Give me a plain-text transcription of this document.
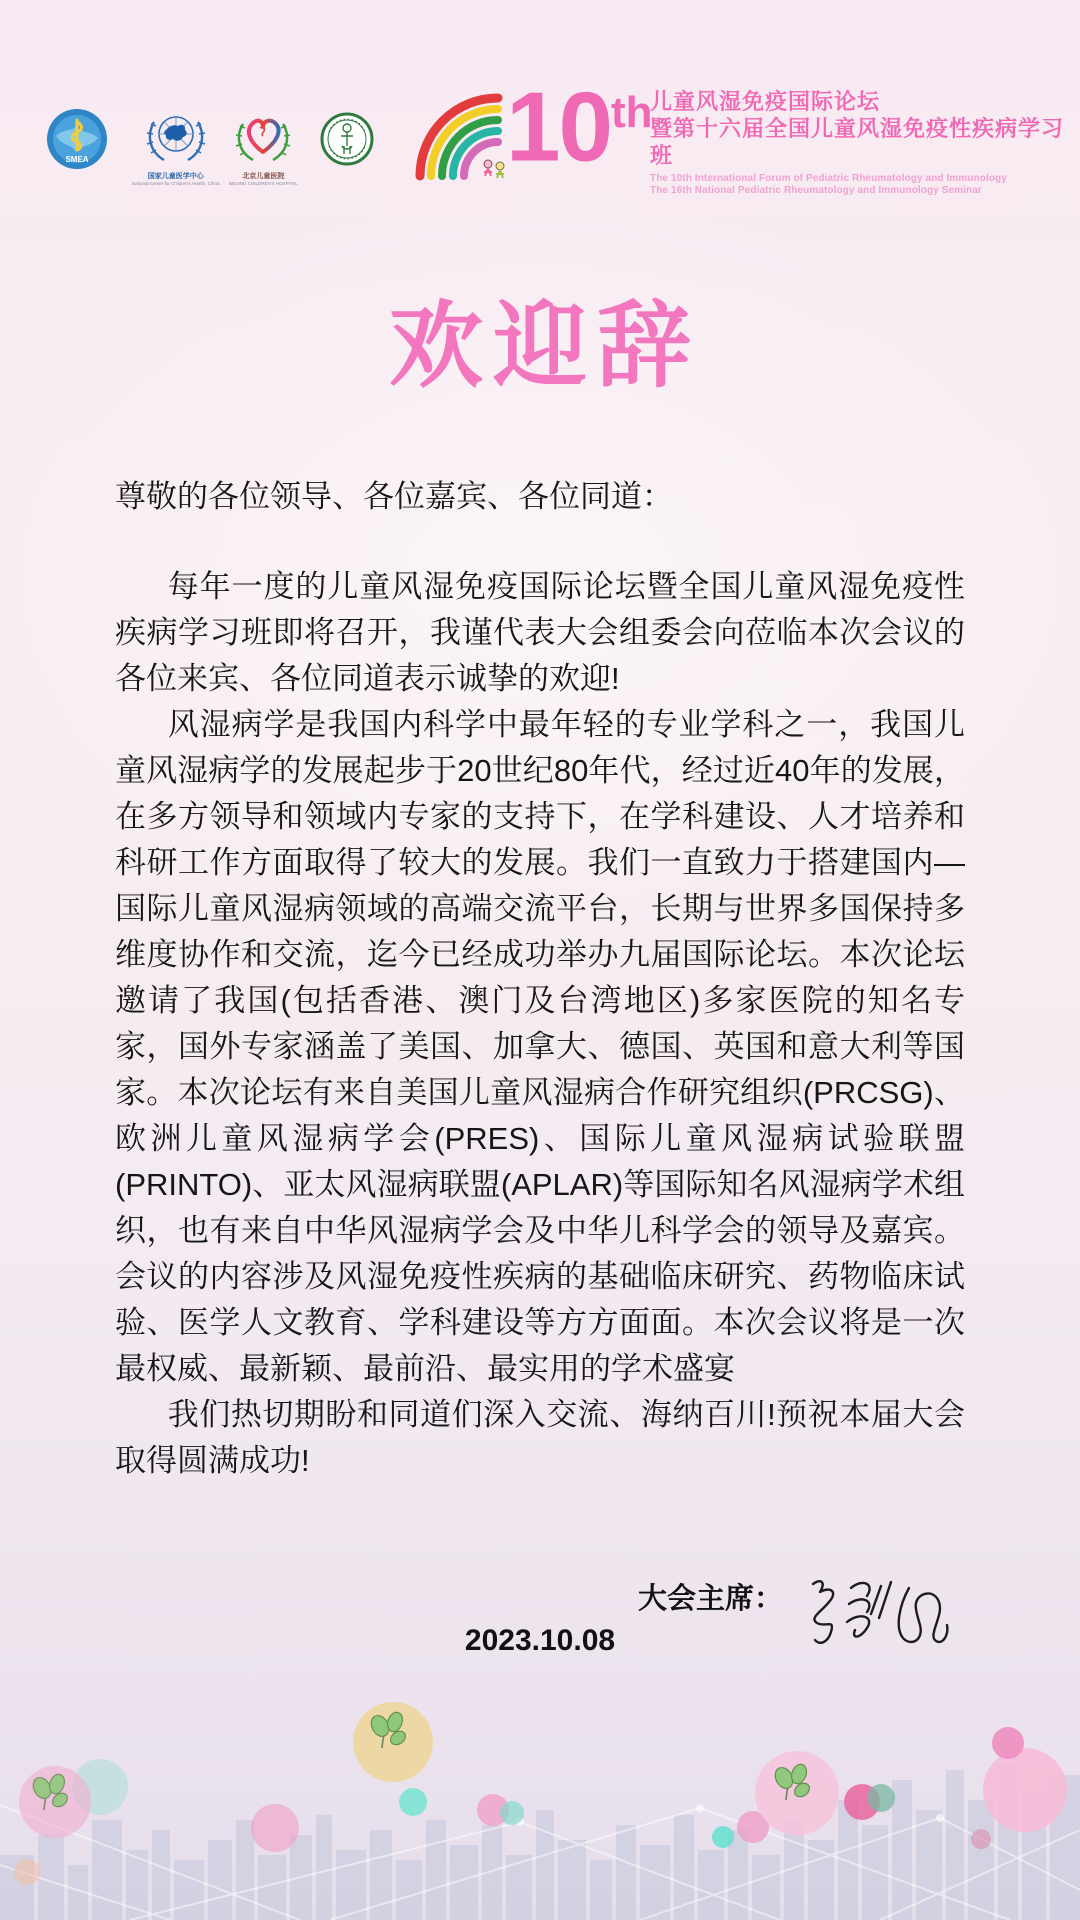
SMEA
国家儿童医学中心
National Center for Children's Health, China
北京儿童医院
BEIJING CHILDREN'S HOSPITAL
10th
儿童风湿免疫国际论坛
暨第十六届全国儿童风湿免疫性疾病学习班
The 10th International Forum of Pediatric Rheumatology and Immunology
The 16th National Pediatric Rheumatology and Immunology Seminar
欢迎辞

尊敬的各位领导、各位嘉宾、各位同道：

每年一度的儿童风湿免疫国际论坛暨全国儿童风湿免疫性疾病学习班即将召开，我谨代表大会组委会向莅临本次会议的各位来宾、各位同道表示诚挚的欢迎!

风湿病学是我国内科学中最年轻的专业学科之一，我国儿童风湿病学的发展起步于20世纪80年代，经过近40年的发展，在多方领导和领域内专家的支持下，在学科建设、人才培养和科研工作方面取得了较大的发展。我们一直致力于搭建国内—国际儿童风湿病领域的高端交流平台，长期与世界多国保持多维度协作和交流，迄今已经成功举办九届国际论坛。本次论坛邀请了我国(包括香港、澳门及台湾地区)多家医院的知名专家，国外专家涵盖了美国、加拿大、德国、英国和意大利等国家。本次论坛有来自美国儿童风湿病合作研究组织(PRCSG)、欧洲儿童风湿病学会(PRES)、国际儿童风湿病试验联盟(PRINTO)、亚太风湿病联盟(APLAR)等国际知名风湿病学术组织，也有来自中华风湿病学会及中华儿科学会的领导及嘉宾。会议的内容涉及风湿免疫性疾病的基础临床研究、药物临床试验、医学人文教育、学科建设等方方面面。本次会议将是一次最权威、最新颖、最前沿、最实用的学术盛宴

我们热切期盼和同道们深入交流、海纳百川!预祝本届大会取得圆满成功!

大会主席：
2023.10.08
